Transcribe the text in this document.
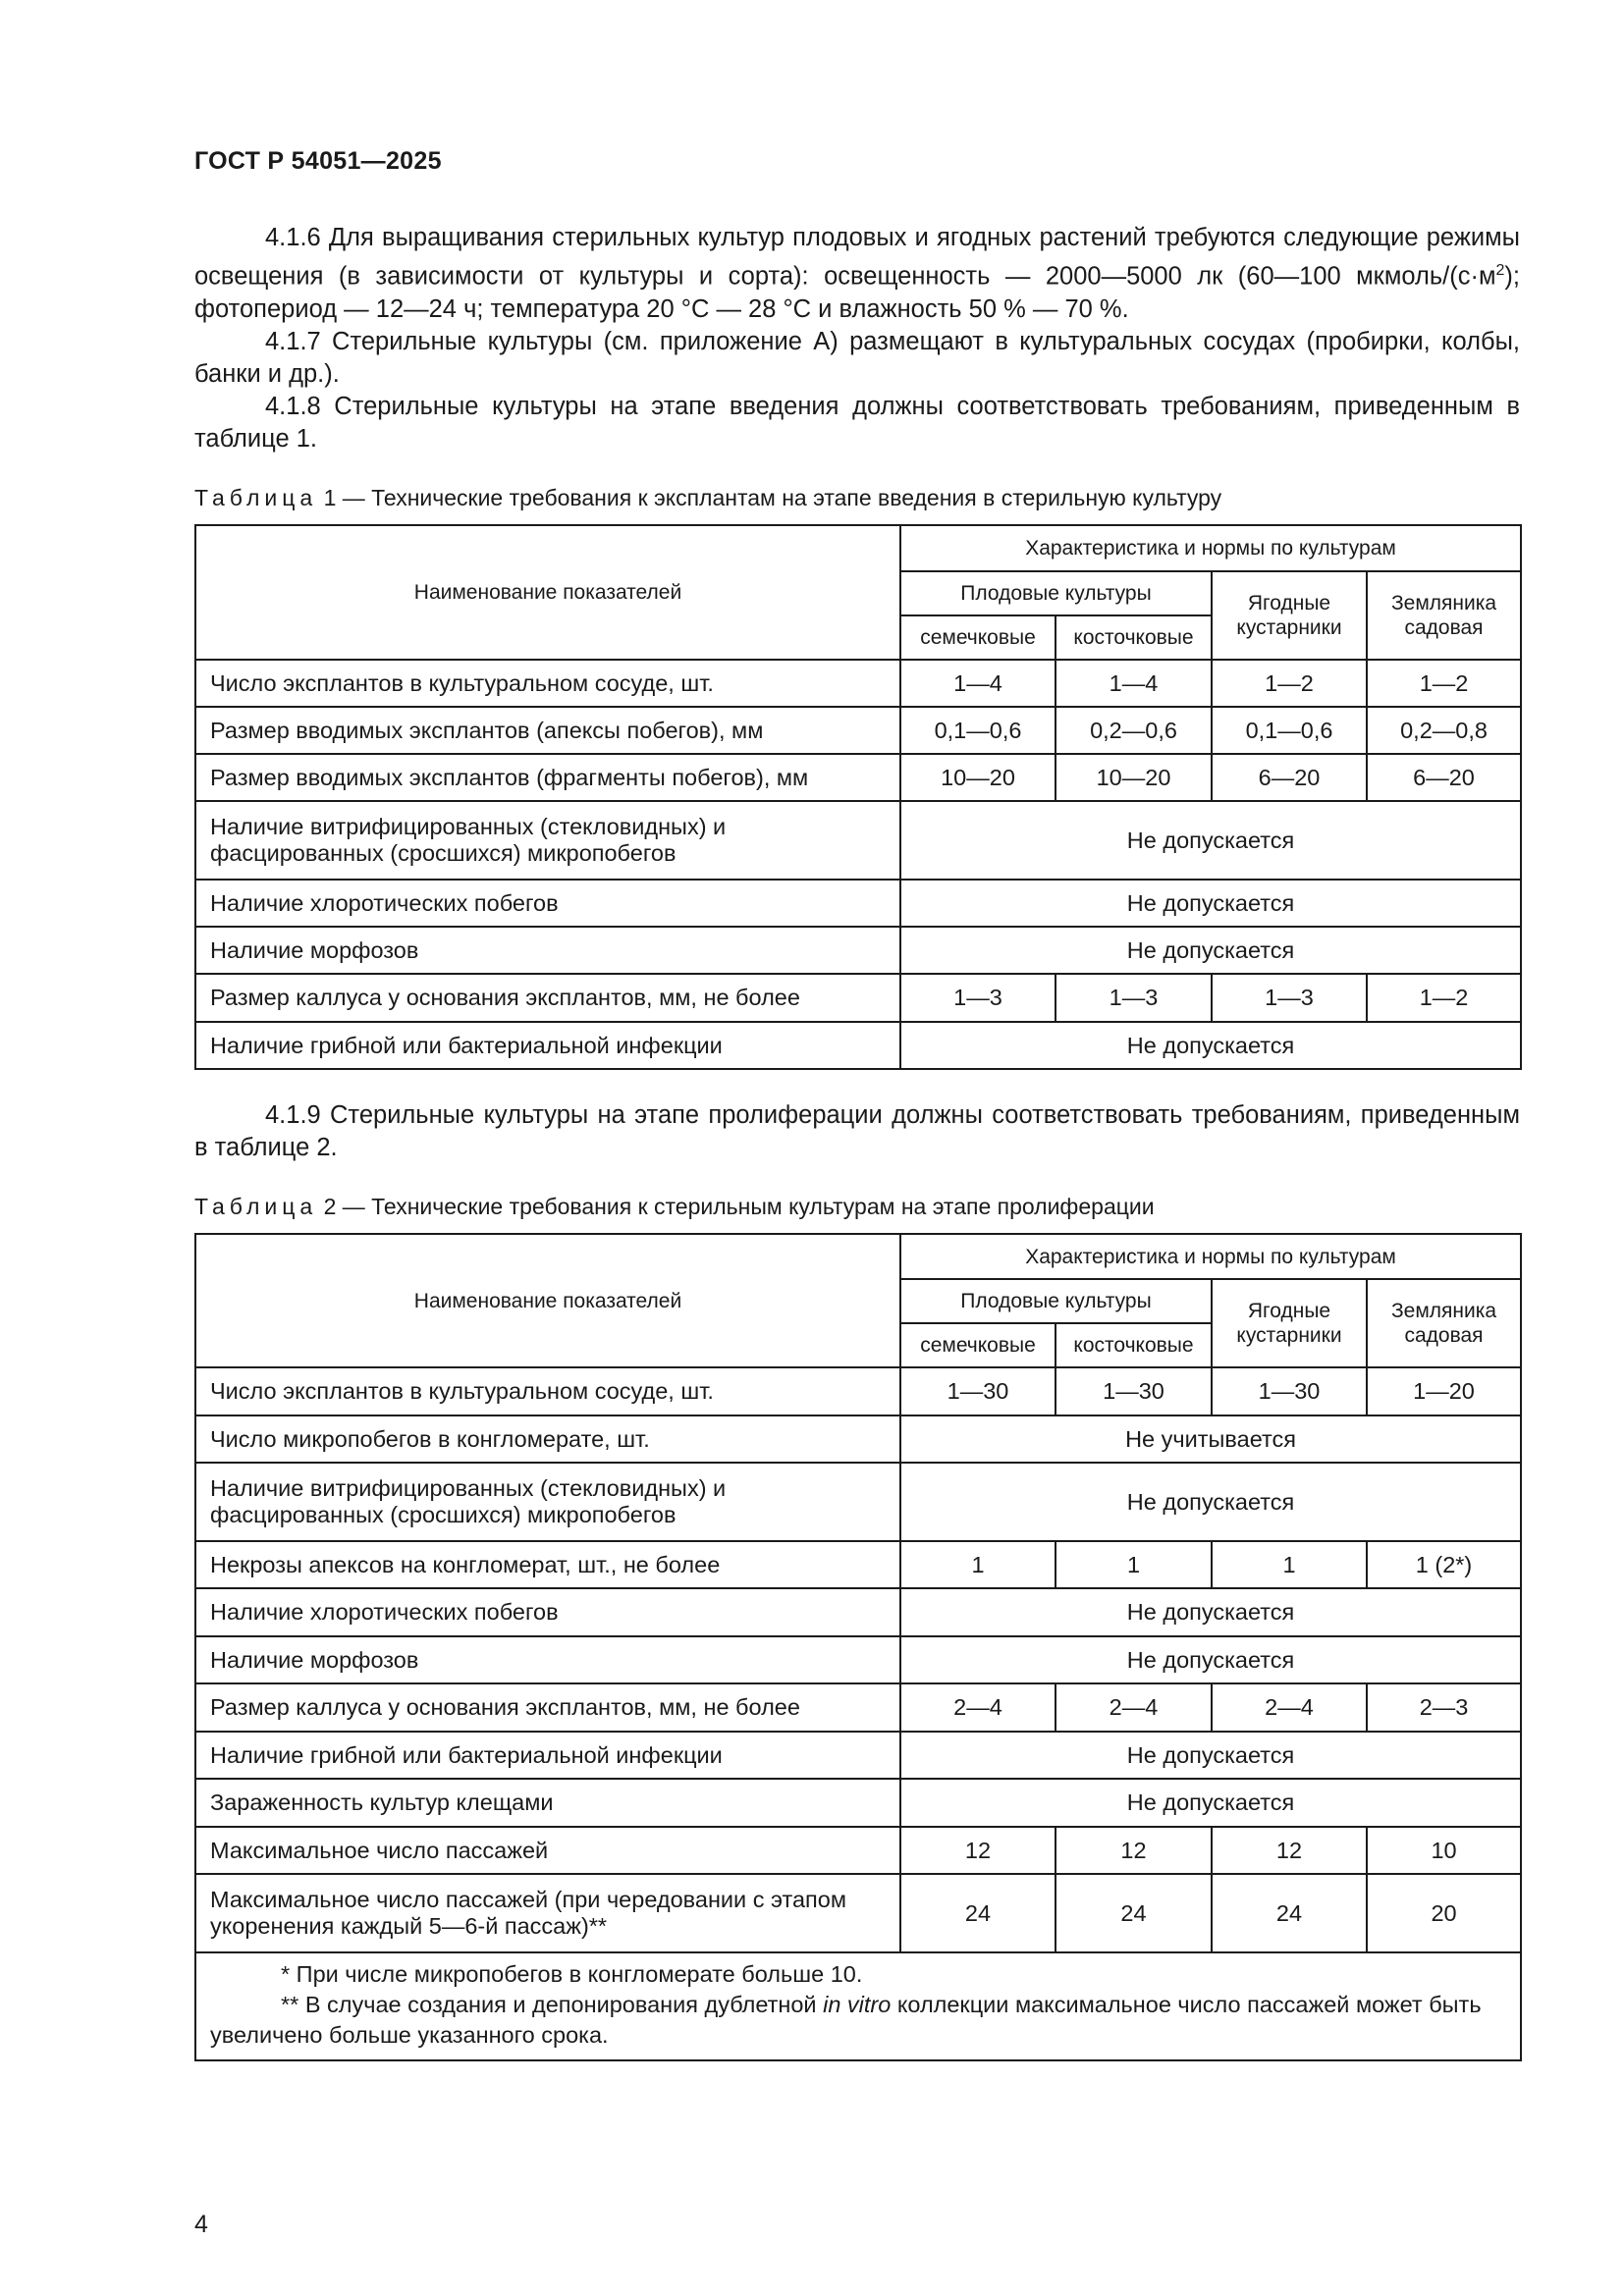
ГОСТ Р 54051—2025

4.1.6 Для выращивания стерильных культур плодовых и ягодных растений требуются следующие режимы освещения (в зависимости от культуры и сорта): освещенность — 2000—5000 лк (60—100 мкмоль/$(с\cdot м^2)$; фотопериод — 12—24 ч; температура 20 °С — 28 °С и влажность 50 % — 70 %.

4.1.7 Стерильные культуры (см. приложение А) размещают в культуральных сосудах (пробирки, колбы, банки и др.).

4.1.8 Стерильные культуры на этапе введения должны соответствовать требованиям, приведенным в таблице 1.

Таблица 1 — Технические требования к эксплантам на этапе введения в стерильную культуру
Наименование показателей	Характеристика и нормы по культурам			
	Плодовые культуры		Ягодные кустарники	Земляника садовая
	семечковые	косточковые		
Число эксплантов в культуральном сосуде, шт.	1—4	1—4	1—2	1—2
Размер вводимых эксплантов (апексы побегов), мм	0,1—0,6	0,2—0,6	0,1—0,6	0,2—0,8
Размер вводимых эксплантов (фрагменты побегов), мм	10—20	10—20	6—20	6—20
Наличие витрифицированных (стекловидных) и фасцированных (сросшихся) микропобегов	Не допускается			
Наличие хлоротических побегов	Не допускается			
Наличие морфозов	Не допускается			
Размер каллуса у основания эксплантов, мм, не более	1—3	1—3	1—3	1—2
Наличие грибной или бактериальной инфекции	Не допускается			

4.1.9 Стерильные культуры на этапе пролиферации должны соответствовать требованиям, приведенным в таблице 2.

Таблица 2 — Технические требования к стерильным культурам на этапе пролиферации
Наименование показателей	Характеристика и нормы по культурам			
	Плодовые культуры		Ягодные кустарники	Земляника садовая
	семечковые	косточковые		
Число эксплантов в культуральном сосуде, шт.	1—30	1—30	1—30	1—20
Число микропобегов в конгломерате, шт.	Не учитывается			
Наличие витрифицированных (стекловидных) и фасцированных (сросшихся) микропобегов	Не допускается			
Некрозы апексов на конгломерат, шт., не более	1	1	1	1 (2*)
Наличие хлоротических побегов	Не допускается			
Наличие морфозов	Не допускается			
Размер каллуса у основания эксплантов, мм, не более	2—4	2—4	2—4	2—3
Наличие грибной или бактериальной инфекции	Не допускается			
Зараженность культур клещами	Не допускается			
Максимальное число пассажей	12	12	12	10
Максимальное число пассажей (при чередовании с этапом укоренения каждый 5—6-й пассаж)**	24	24	24	20

* При числе микропобегов в конгломерате больше 10.

** В случае создания и депонирования дублетной in vitro коллекции максимальное число пассажей может быть увеличено больше указанного срока.				

4
